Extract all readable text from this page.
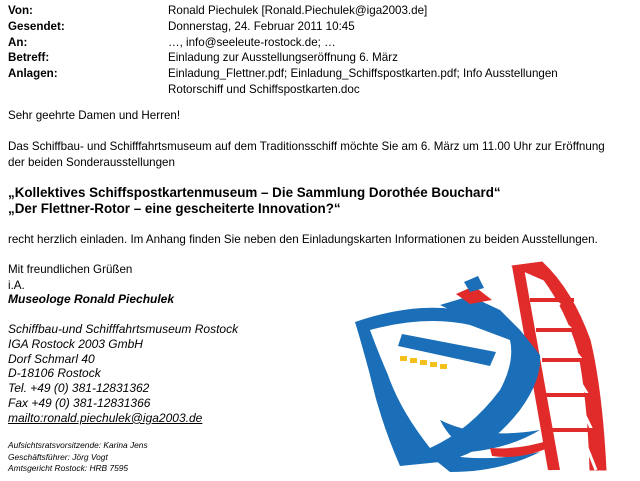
Von:	Ronald Piechulek [Ronald.Piechulek@iga2003.de]
Gesendet:	Donnerstag, 24. Februar 2011 10:45
An:	…, info@seeleute-rostock.de; …
Betreff:	Einladung zur Ausstellungseröffnung 6. März
Anlagen:	Einladung_Flettner.pdf; Einladung_Schiffspostkarten.pdf; Info Ausstellungen
Rotorschiff und Schiffspostkarten.doc
Sehr geehrte Damen und Herren!
Das Schiffbau- und Schifffahrtsmuseum auf dem Traditionsschiff möchte Sie am 6. März um 11.00 Uhr zur Eröffnung
der beiden Sonderausstellungen
„Kollektives Schiffspostkartenmuseum – Die Sammlung Dorothée Bouchard“
„Der Flettner-Rotor – eine gescheiterte Innovation?“
recht herzlich einladen. Im Anhang finden Sie neben den Einladungskarten Informationen zu beiden Ausstellungen.
Mit freundlichen Grüßen
i.A.
Museologe Ronald Piechulek
Schiffbau-und Schifffahrtsmuseum Rostock
IGA Rostock 2003 GmbH
Dorf Schmarl 40
D-18106 Rostock
Tel. +49 (0) 381-12831362
Fax +49 (0) 381-12831366
mailto:ronald.piechulek@iga2003.de
Aufsichtsratsvorsitzende: Karina Jens
Geschäftsführer: Jörg Vogt
Amtsgericht Rostock: HRB 7595
